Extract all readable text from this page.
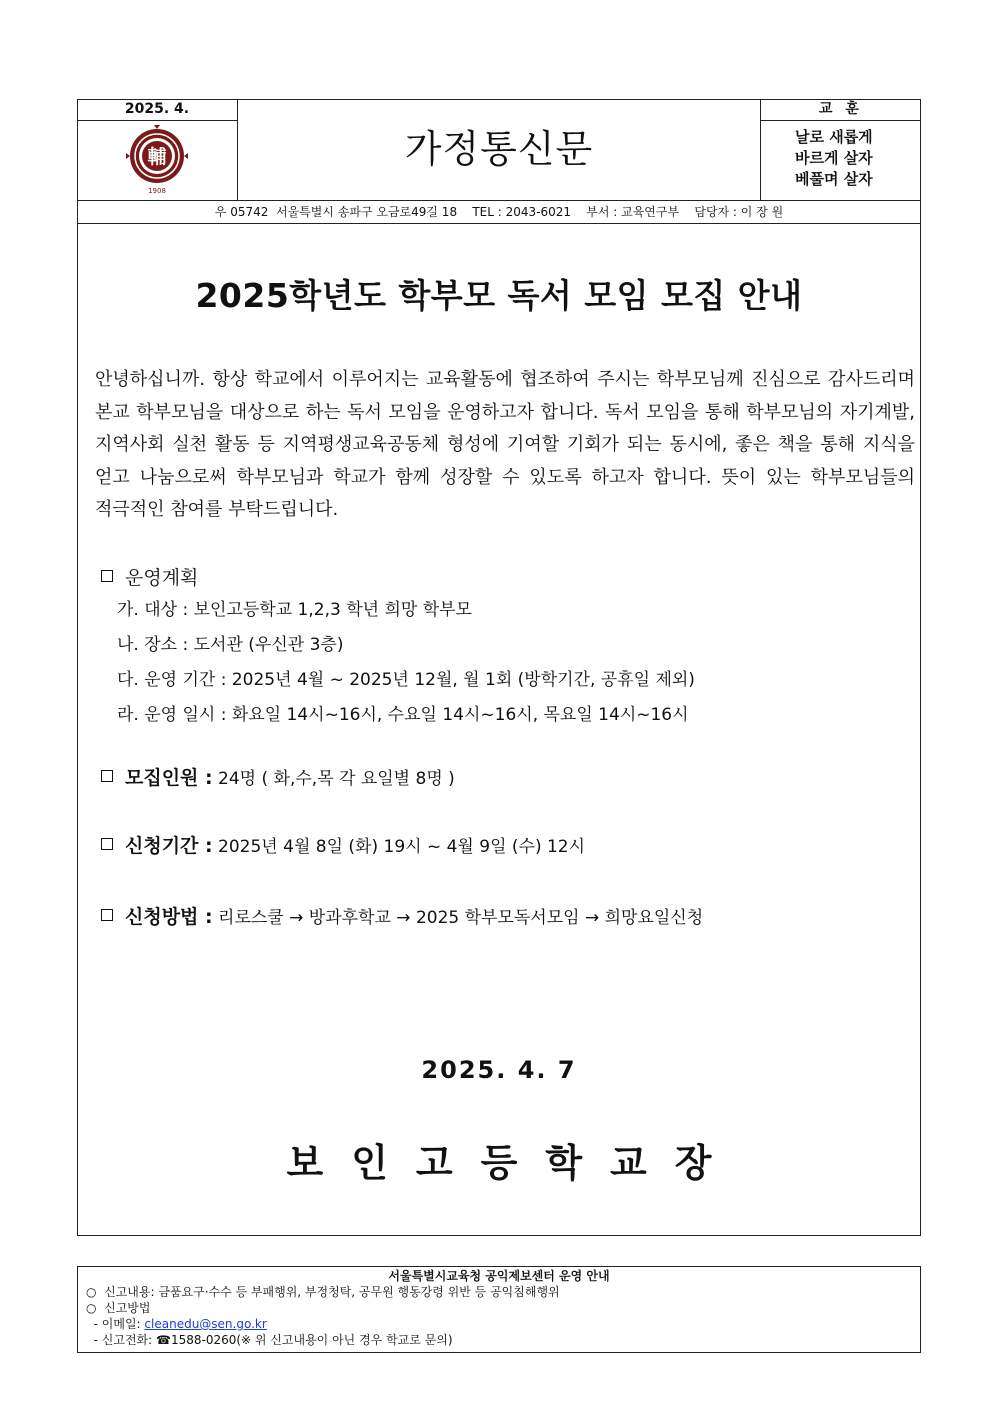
2025. 4.
輔
1908
가정통신문
교 훈
날로 새롭게
바르게 살자
베풀며 살자
우 05742  서울특별시 송파구 오금로49길 18    TEL : 2043-6021    부서 : 교육연구부    담당자 : 이 장 원
2025학년도 학부모 독서 모임 모집 안내
안녕하십니까. 항상 학교에서 이루어지는 교육활동에 협조하여 주시는 학부모님께 진심으로 감사드리며 본교 학부모님을 대상으로 하는 독서 모임을 운영하고자 합니다. 독서 모임을 통해 학부모님의 자기계발, 지역사회 실천 활동 등 지역평생교육공동체 형성에 기여할 기회가 되는 동시에, 좋은 책을 통해 지식을 얻고 나눔으로써 학부모님과 학교가 함께 성장할 수 있도록 하고자 합니다. 뜻이 있는 학부모님들의 적극적인 참여를 부탁드립니다.
운영계획
가. 대상 : 보인고등학교 1,2,3 학년 희망 학부모
나. 장소 : 도서관 (우신관 3층)
다. 운영 기간 : 2025년 4월 ~ 2025년 12월, 월 1회 (방학기간, 공휴일 제외)
라. 운영 일시 : 화요일 14시~16시, 수요일 14시~16시, 목요일 14시~16시
모집인원 : 24명 ( 화,수,목 각 요일별 8명 )
신청기간 : 2025년 4월 8일 (화) 19시 ~ 4월 9일 (수) 12시
신청방법 : 리로스쿨 → 방과후학교 → 2025 학부모독서모임 → 희망요일신청
2025. 4. 7
보인고등학교장
서울특별시교육청 공익제보센터 운영 안내
○  신고내용: 금품요구·수수 등 부패행위, 부정청탁, 공무원 행동강령 위반 등 공익침해행위
○  신고방법
- 이메일: cleanedu@sen.go.kr
- 신고전화: ☎1588-0260(※ 위 신고내용이 아닌 경우 학교로 문의)
